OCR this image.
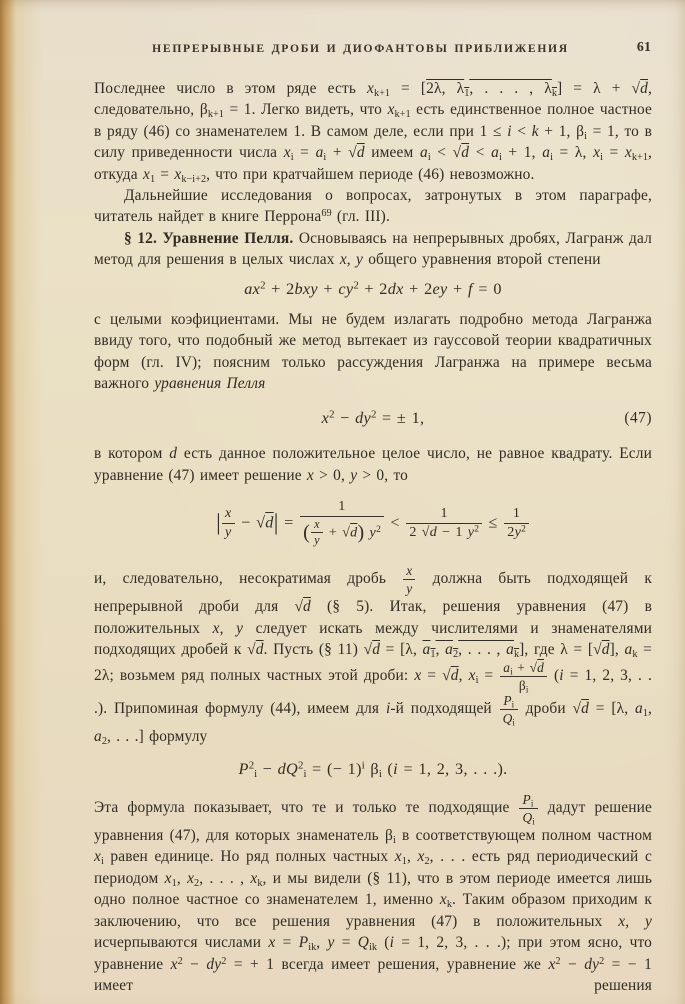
НЕПРЕРЫВНЫЕ ДРОБИ И ДИОФАНТОВЫ ПРИБЛИЖЕНИЯ	61

Последнее число в этом ряде есть $x_{k+1} = [2\lambda$, $\lambda_1$, . . . , $\lambda_k] = \lambda + √d$, следовательно, $\beta_{k+1} = 1$. Легко видеть, что $x_{k+1}$ есть единственное полное частное в ряду (46) со знаменателем 1. В самом деле, если при 1 ≤ i < k + 1, $\beta_i = 1$, то в силу приведенности числа $x_i = a_i + √d$ имеем $a_i < √d < a_i + 1$, $a_i = \lambda$, $x_i = x_{k+1}$, откуда $x_1 = x_{k-i+2}$, что при кратчайшем периоде (46) невозможно.

Дальнейшие исследования о вопросах, затронутых в этом параграфе, читатель найдет в книге Перрона$^{69}$ (гл. III).

§ 12. Уравнение Пелля. Основываясь на непрерывных дробях, Лагранж дал метод для решения в целых числах x, y общего уравнения второй степени

$ax^2 + 2bxy + cy^2 + 2dx + 2ey + f = 0$

с целыми коэфициентами. Мы не будем излагать подробно метода Лагранжа ввиду того, что подобный же метод вытекает из гауссовой теории квадратичных форм (гл. IV); поясним только рассуждения Лагранжа на примере весьма важного уравнения Пелля

$x^2 - dy^2$ = ± 1,	(47)

в котором d есть данное положительное целое число, не равное квадрату. Если уравнение (47) имеет решение x > 0, y > 0, то

| $\frac{x}{y} - √d| = \frac{1}{( \frac{x}{y} + √d) y^2} < \frac{1}{2 √d - 1 y^2} \le \frac{1}{2y^2}$

и, следовательно, несократимая дробь $\frac{x}{y}$ должна быть подходящей к непрерывной дроби для √d (§ 5). Итак, решения уравнения (47) в положительных x, y следует искать между числителями и знаменателями подходящих дробей к √d. Пусть (§ 11) √d = [λ, $a_1$, $a_2$, . . . , $a_k$], где λ = [√d], $a_k = 2\lambda$; возьмем ряд полных частных этой дроби: x = √d, $x_i = \frac{a_i + √d}{\beta_i} (i = 1$, 2, 3, . . .). Припоминая формулу (44), имеем для i-й подходящей $\frac{P_i}{Q_i}$ дроби √d = [λ, $a_1$, $a_2$, . . .] формулу

$P^2_i - dQ^2_i$ = (− 1)$^i$ $\beta_i$ (i = 1, 2, 3, . . .).

Эта формула показывает, что те и только те подходящие $\frac{P_i}{Q_i}$ дадут решение уравнения (47), для которых знаменатель $\beta_i$ в соответствующем полном частном $x_i$ равен единице. Но ряд полных частных $x_1$, $x_2$, . . . есть ряд периодический с периодом $x_1$, $x_2$, . . . , $x_k$, и мы видели (§ 11), что в этом периоде имеется лишь одно полное частное со знаменателем 1, именно $x_k$. Таким образом приходим к заключению, что все решения уравнения (47) в положительных x, y исчерпываются числами $x = P_{ik}$, $y = Q_{ik}$ (i = 1, 2, 3, . . .); при этом ясно, что уравнение $x^2 - dy^2$ = + 1 всегда имеет решения, уравнение же $x^2 - dy^2$ = − 1 имеет решения
